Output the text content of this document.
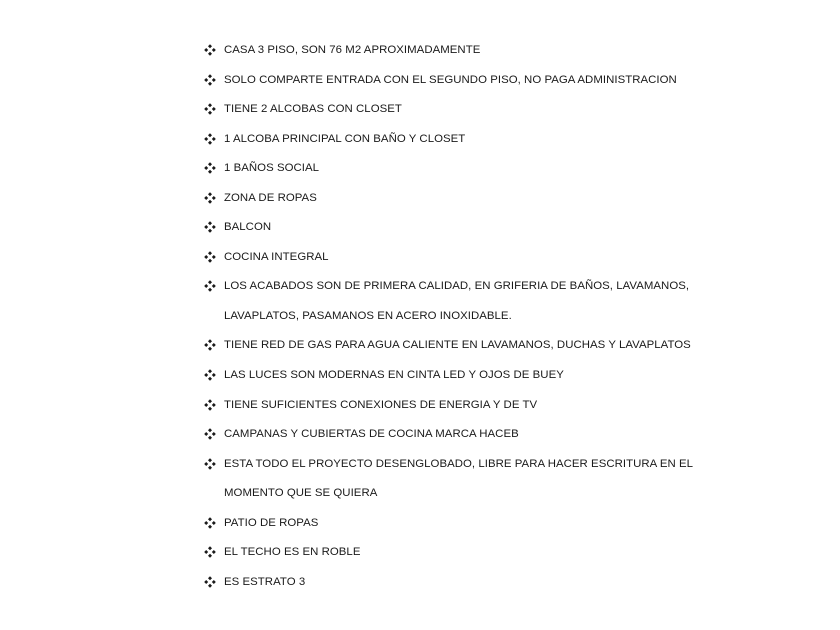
CASA 3 PISO, SON 76 M2 APROXIMADAMENTE
SOLO COMPARTE ENTRADA CON EL SEGUNDO PISO, NO PAGA ADMINISTRACION
TIENE 2 ALCOBAS CON CLOSET
1 ALCOBA PRINCIPAL CON BAÑO Y CLOSET
1 BAÑOS SOCIAL
ZONA DE ROPAS
BALCON
COCINA INTEGRAL
LOS ACABADOS SON DE PRIMERA CALIDAD, EN GRIFERIA DE BAÑOS, LAVAMANOS,
LAVAPLATOS, PASAMANOS EN ACERO INOXIDABLE.
TIENE RED DE GAS PARA AGUA CALIENTE EN LAVAMANOS, DUCHAS Y LAVAPLATOS
LAS LUCES SON MODERNAS EN CINTA LED Y OJOS DE BUEY
TIENE SUFICIENTES CONEXIONES DE ENERGIA Y DE TV
CAMPANAS Y CUBIERTAS DE COCINA MARCA HACEB
ESTA TODO EL PROYECTO DESENGLOBADO, LIBRE PARA HACER ESCRITURA EN EL
MOMENTO QUE SE QUIERA
PATIO DE ROPAS
EL TECHO ES EN ROBLE
ES ESTRATO 3
